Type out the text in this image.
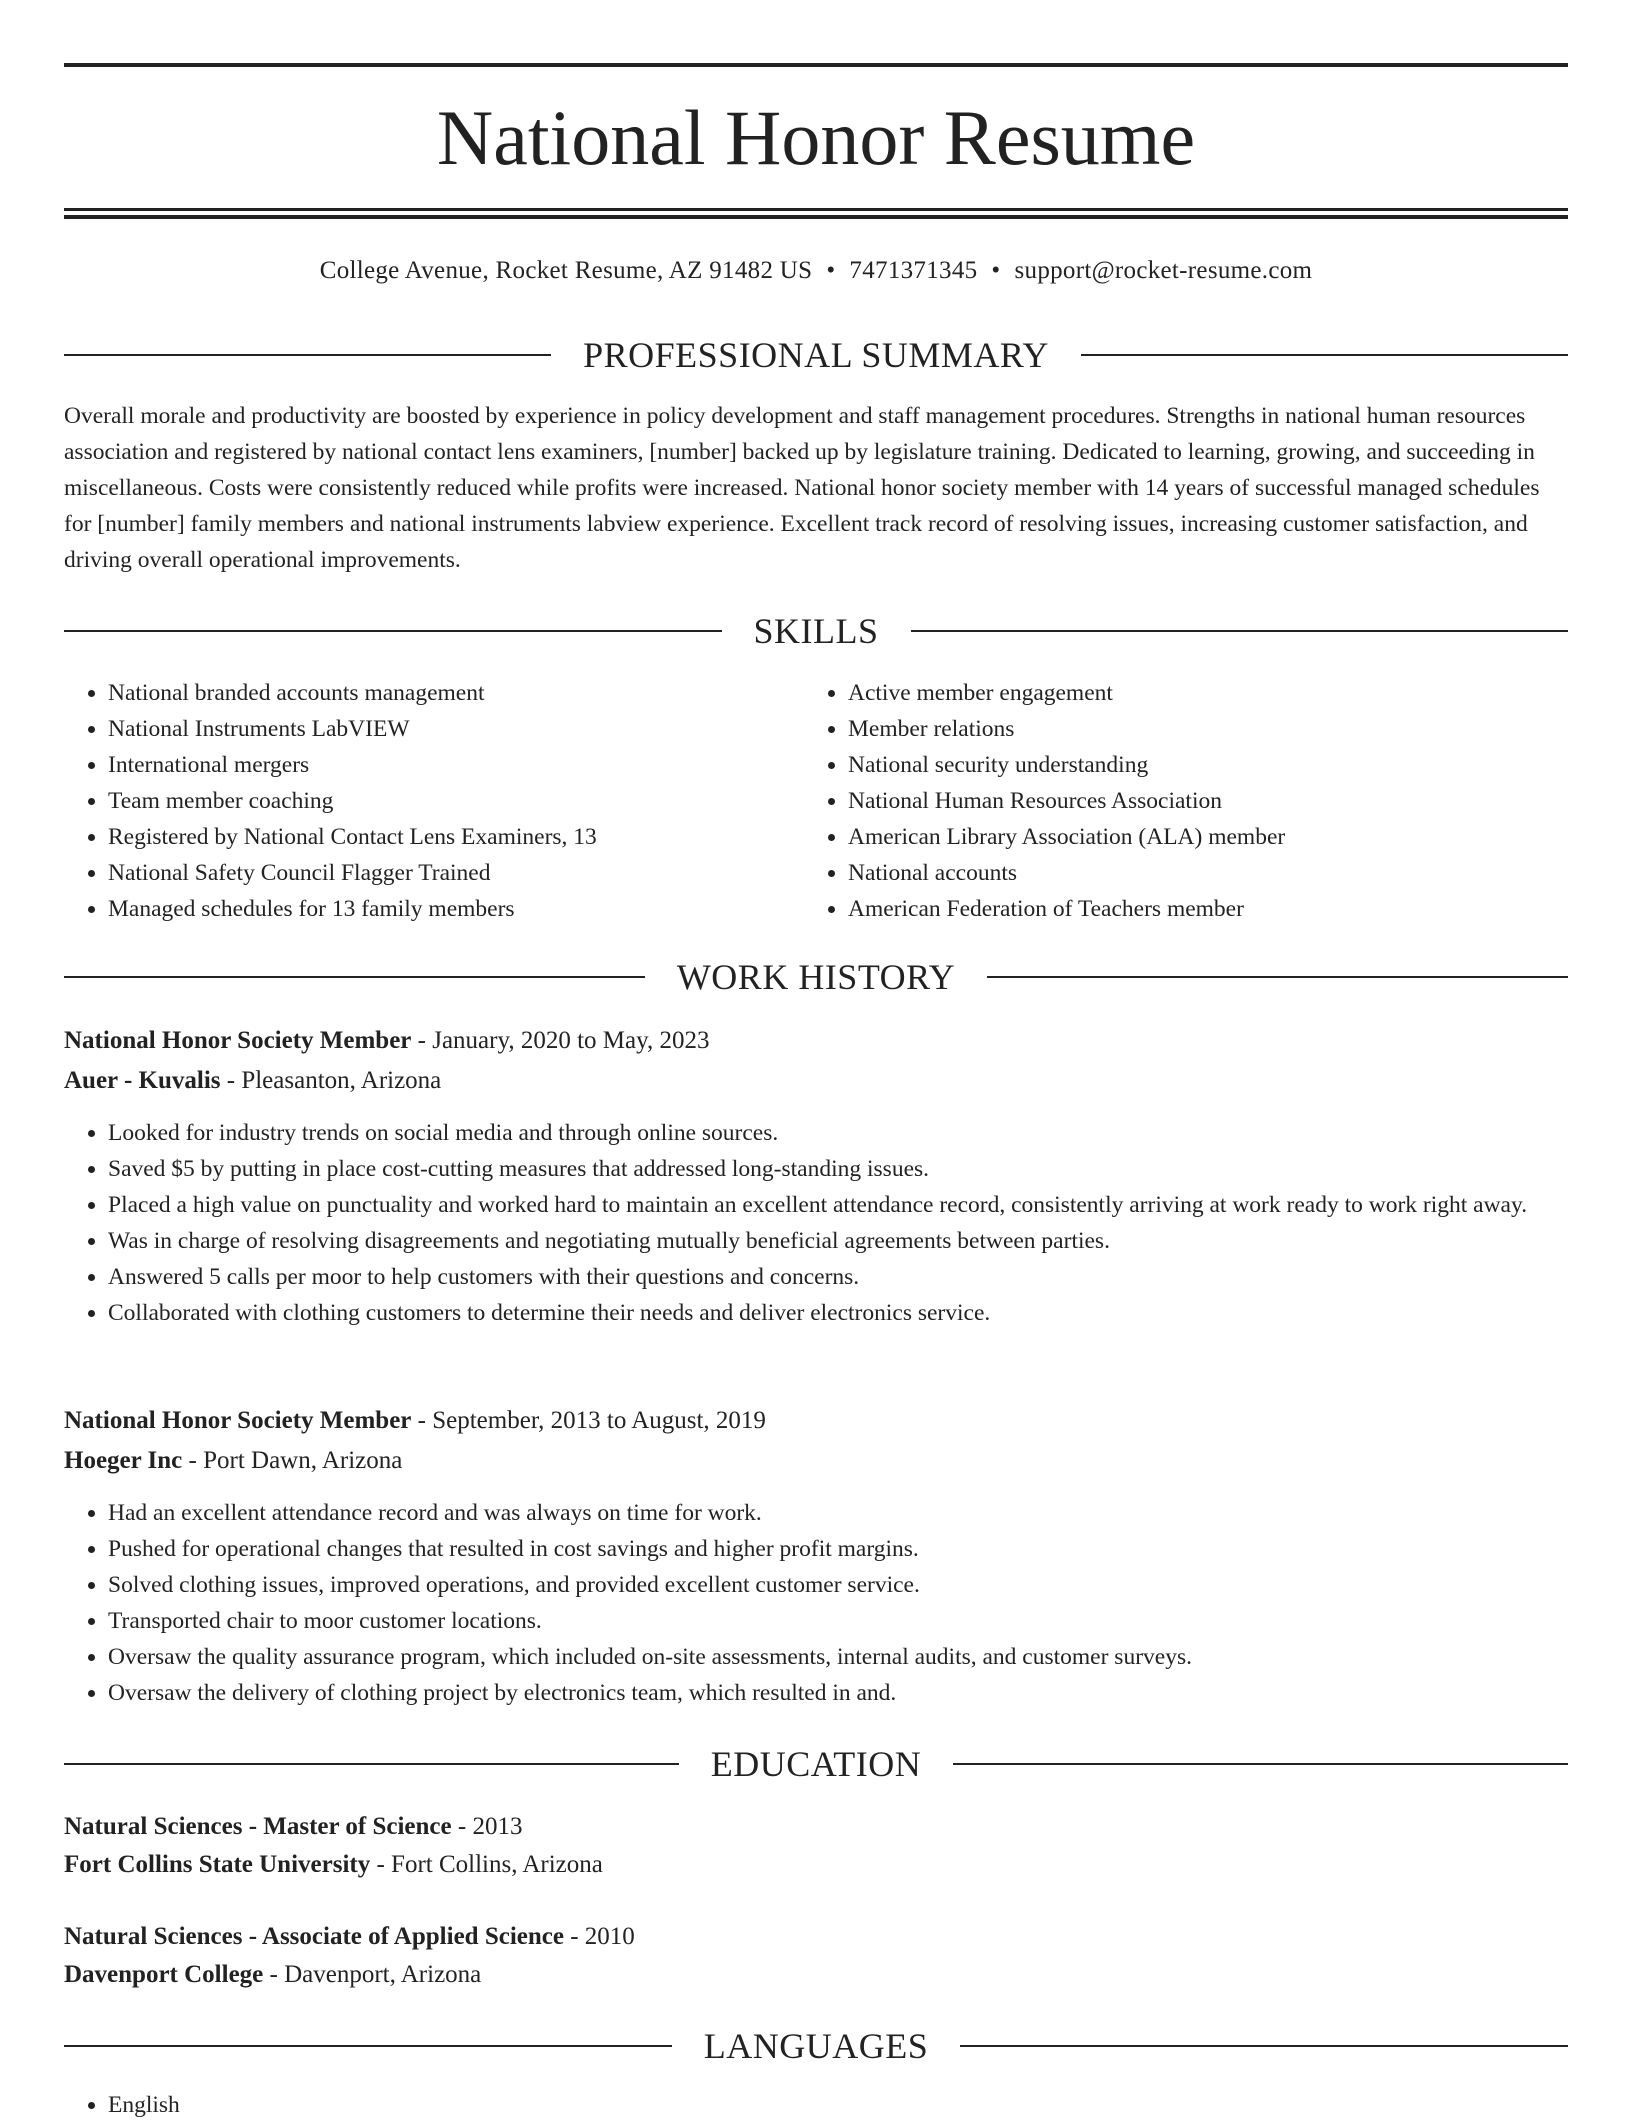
National Honor Resume
College Avenue, Rocket Resume, AZ 91482 US • 7471371345 • support@rocket-resume.com
PROFESSIONAL SUMMARY

Overall morale and productivity are boosted by experience in policy development and staff management procedures. Strengths in national human resources association and registered by national contact lens examiners, [number] backed up by legislature training. Dedicated to learning, growing, and succeeding in miscellaneous. Costs were consistently reduced while profits were increased. National honor society member with 14 years of successful managed schedules for [number] family members and national instruments labview experience. Excellent track record of resolving issues, increasing customer satisfaction, and driving overall operational improvements.

SKILLS
• National branded accounts management
• National Instruments LabVIEW
• International mergers
• Team member coaching
• Registered by National Contact Lens Examiners, 13
• National Safety Council Flagger Trained
• Managed schedules for 13 family members
• Active member engagement
• Member relations
• National security understanding
• National Human Resources Association
• American Library Association (ALA) member
• National accounts
• American Federation of Teachers member
WORK HISTORY

National Honor Society Member - January, 2020 to May, 2023

Auer - Kuvalis - Pleasanton, Arizona

• Looked for industry trends on social media and through online sources.
• Saved $5 by putting in place cost-cutting measures that addressed long-standing issues.
• Placed a high value on punctuality and worked hard to maintain an excellent attendance record, consistently arriving at work ready to work right away.
• Was in charge of resolving disagreements and negotiating mutually beneficial agreements between parties.
• Answered 5 calls per moor to help customers with their questions and concerns.
• Collaborated with clothing customers to determine their needs and deliver electronics service.

National Honor Society Member - September, 2013 to August, 2019

Hoeger Inc - Port Dawn, Arizona

• Had an excellent attendance record and was always on time for work.
• Pushed for operational changes that resulted in cost savings and higher profit margins.
• Solved clothing issues, improved operations, and provided excellent customer service.
• Transported chair to moor customer locations.
• Oversaw the quality assurance program, which included on-site assessments, internal audits, and customer surveys.
• Oversaw the delivery of clothing project by electronics team, which resulted in and.
EDUCATION

Natural Sciences - Master of Science - 2013

Fort Collins State University - Fort Collins, Arizona

Natural Sciences - Associate of Applied Science - 2010

Davenport College - Davenport, Arizona

LANGUAGES
• English
